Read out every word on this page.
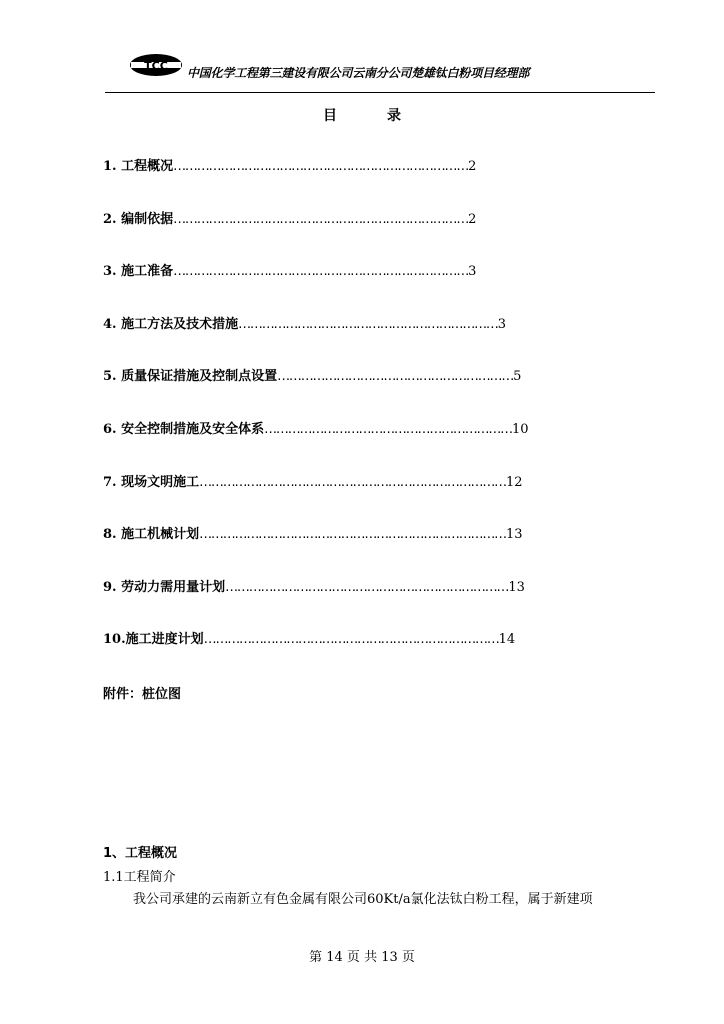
TCC 中国化学工程第三建设有限公司云南分公司楚雄钛白粉项目经理部
目	录
1. 工程概况…………………………………………………………………2
2. 编制依据…………………………………………………………………2
3. 施工准备…………………………………………………………………3
4. 施工方法及技术措施…………………………………………………………3
5. 质量保证措施及控制点设置……………………………………………………5
6. 安全控制措施及安全体系………………………………………………………10
7. 现场文明施工……………………………………………………………………12
8. 施工机械计划……………………………………………………………………13
9. 劳动力需用量计划………………………………………………………………13
10.施工进度计划…………………………………………………………………14
附件：桩位图
1、工程概况
1.1工程简介
我公司承建的云南新立有色金属有限公司60Kt/a氯化法钛白粉工程，属于新建项
第 14 页 共 13 页
